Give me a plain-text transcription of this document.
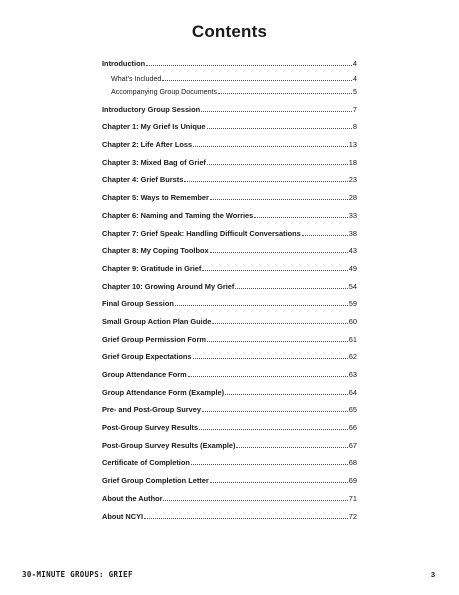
Contents
Introduction	4
What’s Included	4
Accompanying Group Documents	5
Introductory Group Session	7
Chapter 1: My Grief Is Unique	8
Chapter 2: Life After Loss	13
Chapter 3: Mixed Bag of Grief	18
Chapter 4: Grief Bursts	23
Chapter 5: Ways to Remember	28
Chapter 6: Naming and Taming the Worries	33
Chapter 7: Grief Speak: Handling Difficult Conversations	38
Chapter 8: My Coping Toolbox	43
Chapter 9: Gratitude in Grief	49
Chapter 10: Growing Around My Grief	54
Final Group Session	59
Small Group Action Plan Guide	60
Grief Group Permission Form	61
Grief Group Expectations	62
Group Attendance Form	63
Group Attendance Form (Example)	64
Pre- and Post-Group Survey	65
Post-Group Survey Results	66
Post-Group Survey Results (Example)	67
Certificate of Completion	68
Grief Group Completion Letter	69
About the Author	71
About NCYI	72
30-MINUTE GROUPS: GRIEF	3
